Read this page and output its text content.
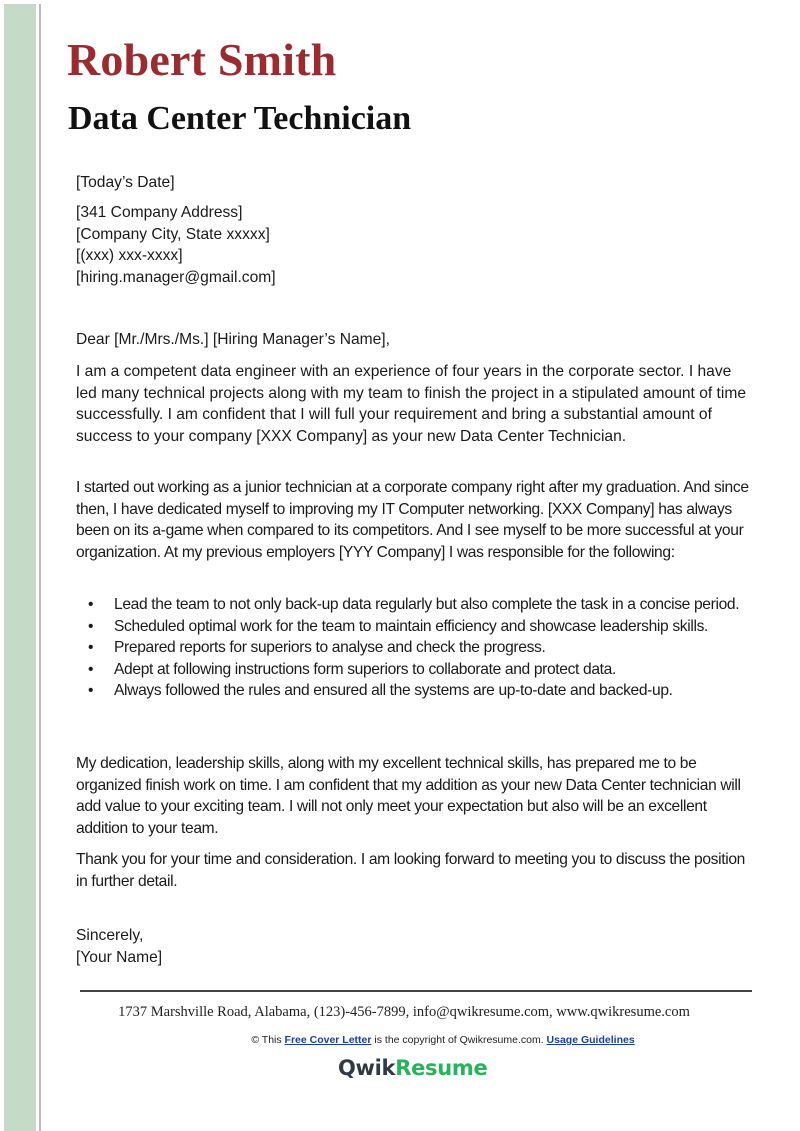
Robert Smith
Data Center Technician

[Today’s Date]

[341 Company Address]

[Company City, State xxxxx]

[(xxx) xxx-xxxx]

[hiring.manager@gmail.com]

Dear [Mr./Mrs./Ms.] [Hiring Manager’s Name],

I am a competent data engineer with an experience of four years in the corporate sector. I have led many technical projects along with my team to finish the project in a stipulated amount of time successfully. I am confident that I will full your requirement and bring a substantial amount of success to your company [XXX Company] as your new Data Center Technician.

I started out working as a junior technician at a corporate company right after my graduation. And since then, I have dedicated myself to improving my IT Computer networking. [XXX Company] has always been on its a-game when compared to its competitors. And I see myself to be more successful at your organization. At my previous employers [YYY Company] I was responsible for the following:

• Lead the team to not only back-up data regularly but also complete the task in a concise period.
• Scheduled optimal work for the team to maintain efficiency and showcase leadership skills.
• Prepared reports for superiors to analyse and check the progress.
• Adept at following instructions form superiors to collaborate and protect data.
• Always followed the rules and ensured all the systems are up-to-date and backed-up.

My dedication, leadership skills, along with my excellent technical skills, has prepared me to be organized finish work on time. I am confident that my addition as your new Data Center technician will add value to your exciting team. I will not only meet your expectation but also will be an excellent addition to your team.

Thank you for your time and consideration. I am looking forward to meeting you to discuss the position in further detail.

Sincerely,

[Your Name]

1737 Marshville Road, Alabama, (123)-456-7899, info@qwikresume.com, www.qwikresume.com
© This Free Cover Letter is the copyright of Qwikresume.com. Usage Guidelines
QwikResume
